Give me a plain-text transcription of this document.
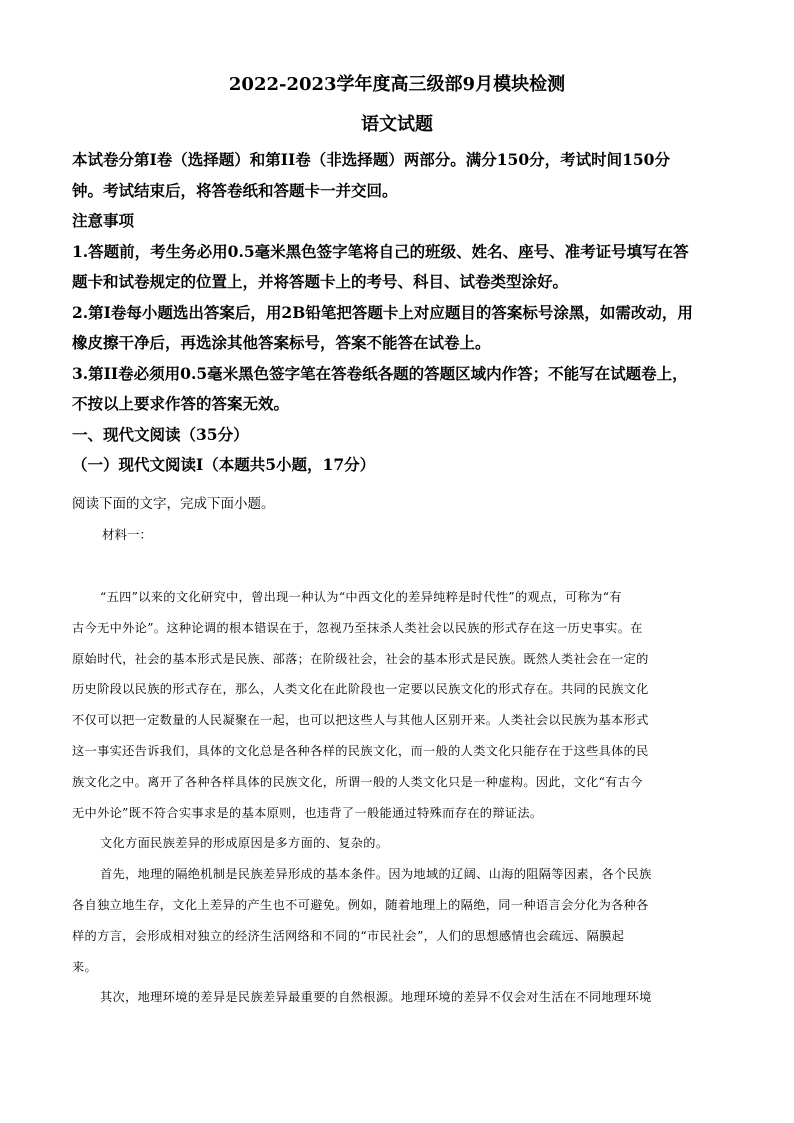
2022-2023学年度高三级部9月模块检测
语文试题

本试卷分第I卷（选择题）和第II卷（非选择题）两部分。满分150分，考试时间150分

钟。考试结束后，将答卷纸和答题卡一并交回。

注意事项

1.答题前，考生务必用0.5毫米黑色签字笔将自己的班级、姓名、座号、准考证号填写在答

题卡和试卷规定的位置上，并将答题卡上的考号、科目、试卷类型涂好。

2.第I卷每小题选出答案后，用2B铅笔把答题卡上对应题目的答案标号涂黑，如需改动，用

橡皮擦干净后，再选涂其他答案标号，答案不能答在试卷上。

3.第II卷必须用0.5毫米黑色签字笔在答卷纸各题的答题区域内作答；不能写在试题卷上，

不按以上要求作答的答案无效。

一、现代文阅读（35分）

（一）现代文阅读I（本题共5小题，17分）

阅读下面的文字，完成下面小题。
材料一：

“五四”以来的文化研究中，曾出现一种认为“中西文化的差异纯粹是时代性”的观点，可称为“有

古今无中外论”。这种论调的根本错误在于，忽视乃至抹杀人类社会以民族的形式存在这一历史事实。在

原始时代，社会的基本形式是民族、部落；在阶级社会，社会的基本形式是民族。既然人类社会在一定的

历史阶段以民族的形式存在，那么，人类文化在此阶段也一定要以民族文化的形式存在。共同的民族文化

不仅可以把一定数量的人民凝聚在一起，也可以把这些人与其他人区别开来。人类社会以民族为基本形式

这一事实还告诉我们，具体的文化总是各种各样的民族文化，而一般的人类文化只能存在于这些具体的民

族文化之中。离开了各种各样具体的民族文化，所谓一般的人类文化只是一种虚构。因此，文化“有古今

无中外论”既不符合实事求是的基本原则，也违背了一般能通过特殊而存在的辩证法。

文化方面民族差异的形成原因是多方面的、复杂的。

首先，地理的隔绝机制是民族差异形成的基本条件。因为地域的辽阔、山海的阻隔等因素，各个民族

各自独立地生存，文化上差异的产生也不可避免。例如，随着地理上的隔绝，同一种语言会分化为各种各

样的方言，会形成相对独立的经济生活网络和不同的“市民社会”，人们的思想感情也会疏远、隔膜起

来。

其次，地理环境的差异是民族差异最重要的自然根源。地理环境的差异不仅会对生活在不同地理环境
